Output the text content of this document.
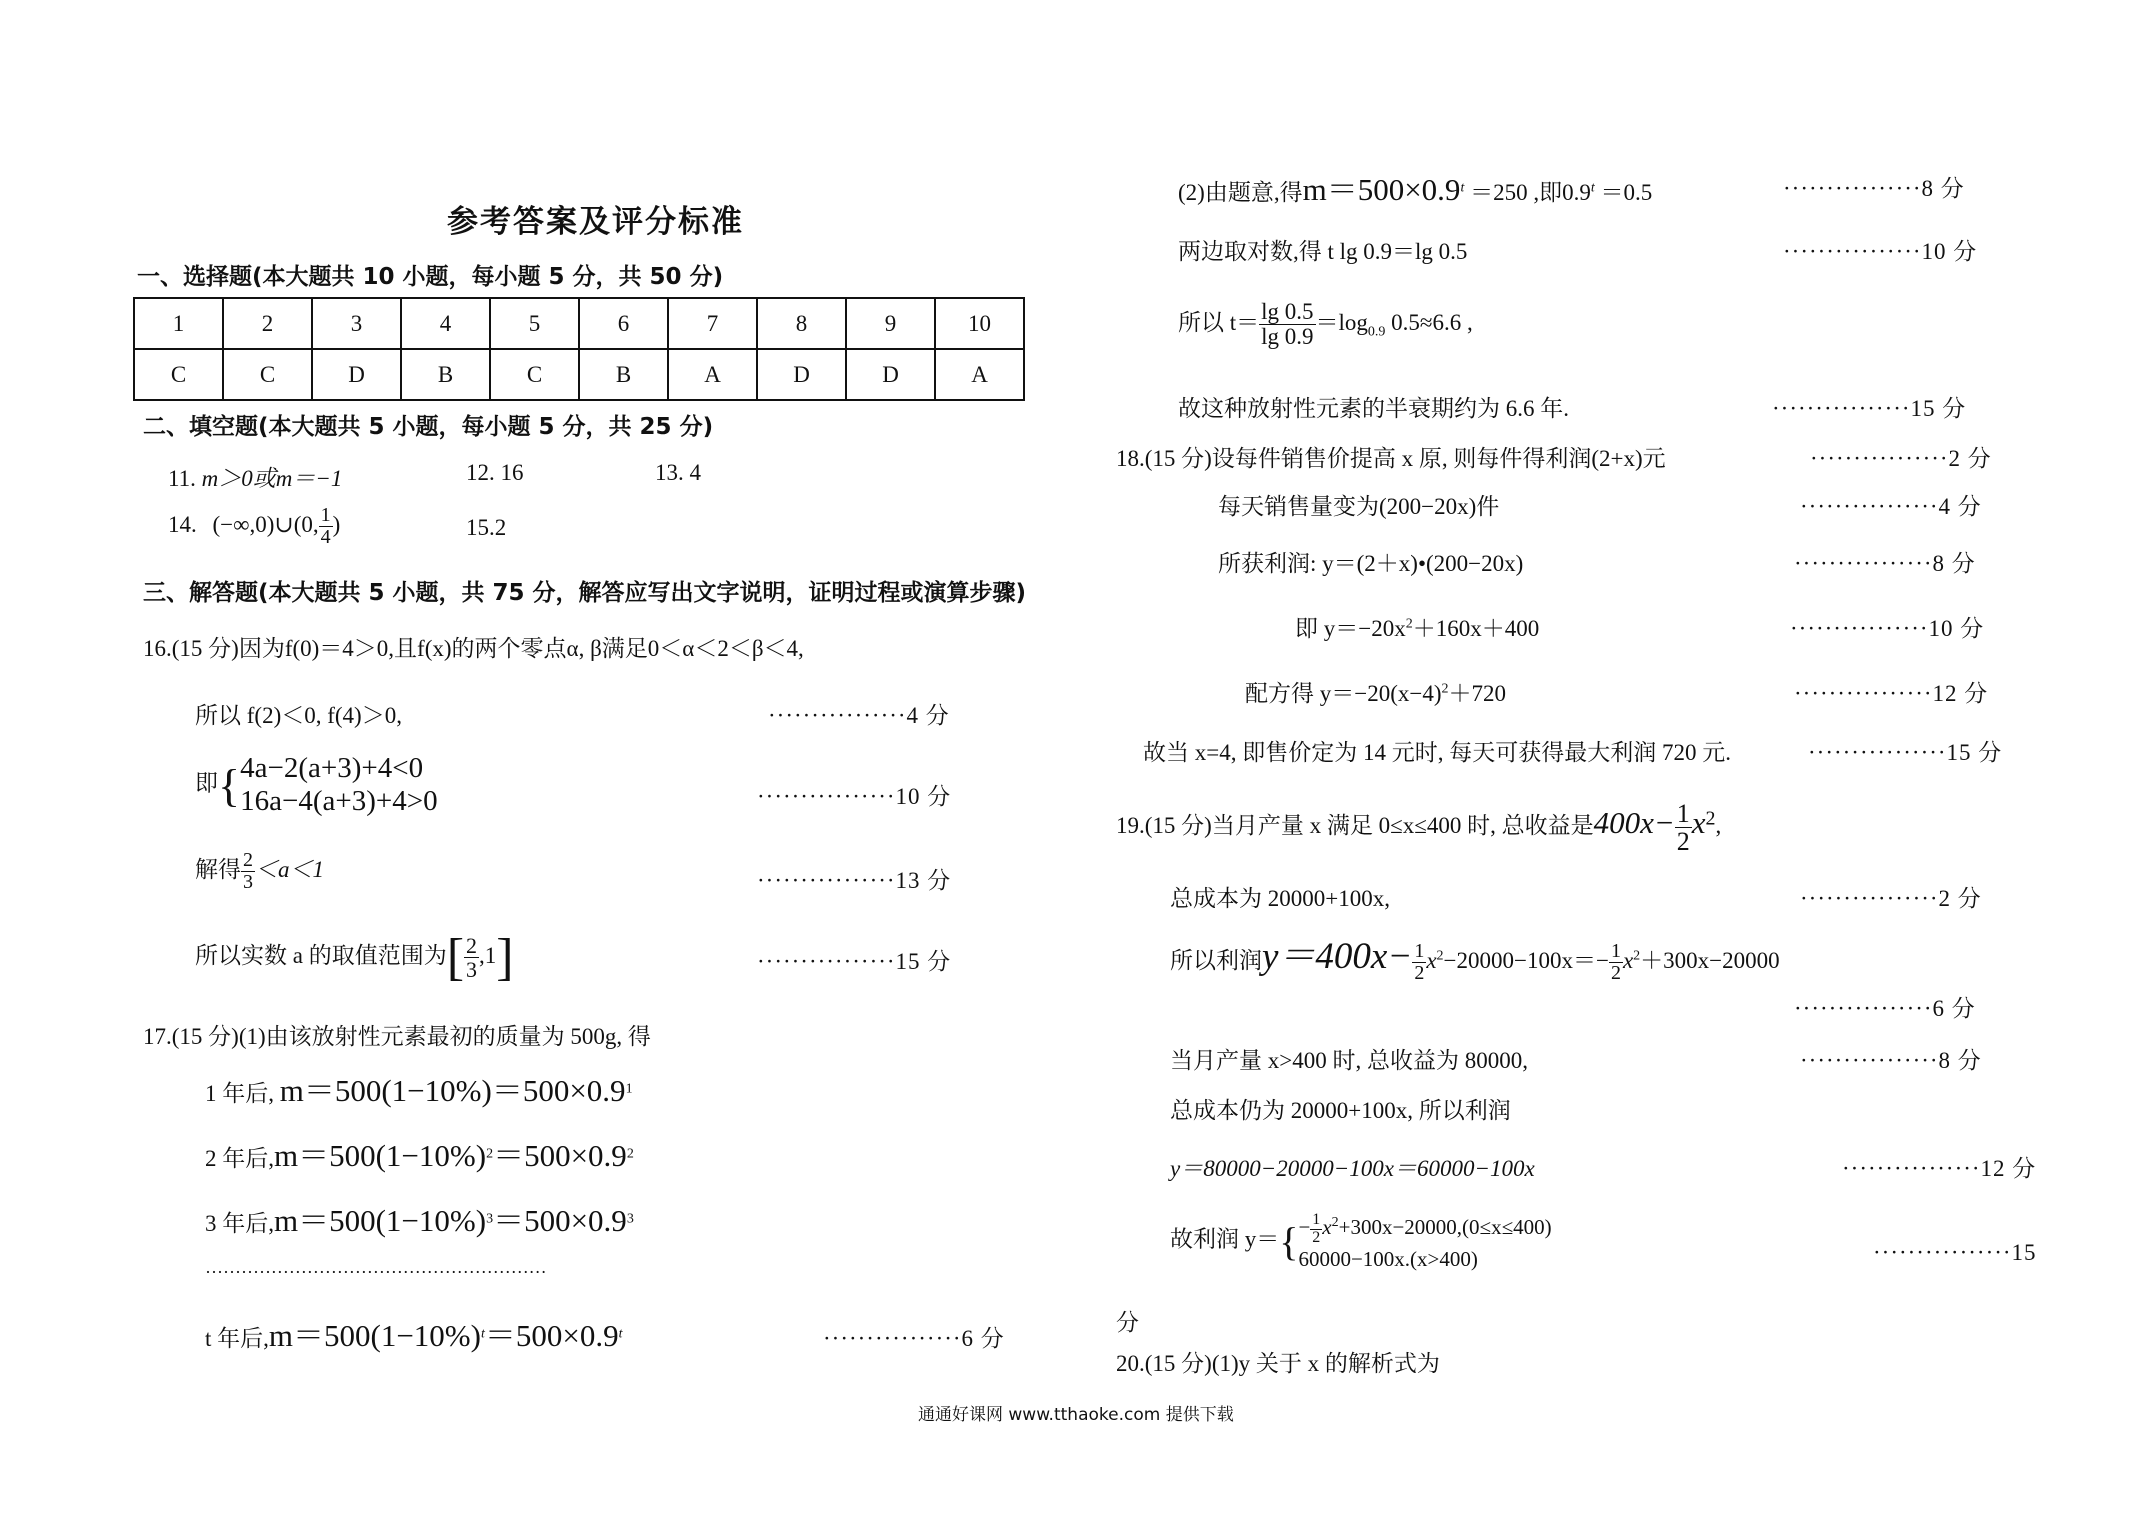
参考答案及评分标准
一、选择题(本大题共 10 小题，每小题 5 分，共 50 分)
1	2	3	4	5	6	7	8	9	10
C	C	D	B	C	B	A	D	D	A
二、填空题(本大题共 5 小题，每小题 5 分，共 25 分)
11. m＞0或m＝−1	12. 16	13. 4
14. (−∞,0)∪(0, $\frac{1}{4}$ )	15.2
三、解答题(本大题共 5 小题，共 75 分，解答应写出文字说明，证明过程或演算步骤)
16.(15 分)因为f(0)＝4＞0,且f(x)的两个零点α, β满足0＜α＜2＜β＜4,
所以 f(2)＜0, f(4)＞0,	················4 分
即{ 4a−2(a+3)+4<0
16a−4(a+3)+4>0	················10 分
解得 $\frac{2}{3} <a<1$	················13 分
所以实数 a 的取值范围为[ $\frac{2}{3} ,1$]	················15 分
17.(15 分)(1)由该放射性元素最初的质量为 500g, 得
1 年后, $m=500(1-10\%)=500\times 0.9^1$
2 年后$,m=500(1-10\%)^2=500\times 0.9^2$
3 年后$,m=500(1-10\%)^3=500\times 0.9^3$
·························································
t 年后$,m=500(1-10\%)^t=500\times 0.9^t$	················6 分
(2)由题意,得$m=500\times 0.9^t =250$ ,即$0.9^t =0.5$	················8 分
两边取对数,得 t lg 0.9＝lg 0.5	················10 分
所以 $t= \frac{\lg 0.5}{\lg 0.9} =\log_{0.9}$ 0.5≈6.6 ,
故这种放射性元素的半衰期约为 6.6 年.	················15 分
18.(15 分)设每件销售价提高 x 原, 则每件得利润(2+x)元	················2 分
每天销售量变为(200−20x)件	················4 分
所获利润: y＝(2＋x)•(200−20x)	················8 分
即 $y=-20x^2+160x+400$	················10 分
配方得 $y=-20(x-4)^2+720$	················12 分
故当 x=4, 即售价定为 14 元时, 每天可获得最大利润 720 元.	················15 分
19.(15 分)当月产量 x 满足 0≤x≤400 时, 总收益是$400x- \frac{1}{2} x^2$,
总成本为 20000+100x,	················2 分
所以利润$y=400x- \frac{1}{2} x^2-20000-100x=- \frac{1}{2} x^2+300x-20000$
················6 分
当月产量 x>400 时, 总收益为 80000,	················8 分
总成本仍为 20000+100x, 所以利润
y＝80000−20000−100x＝60000−100x	················12 分
故利润 $y=\{ - \frac{1}{2} x^2+300x-20000,(0\le x\le 400)$
60000−100x.(x>400)	················15
分
20.(15 分)(1)y 关于 x 的解析式为
通通好课网 www.tthaoke.com 提供下载
